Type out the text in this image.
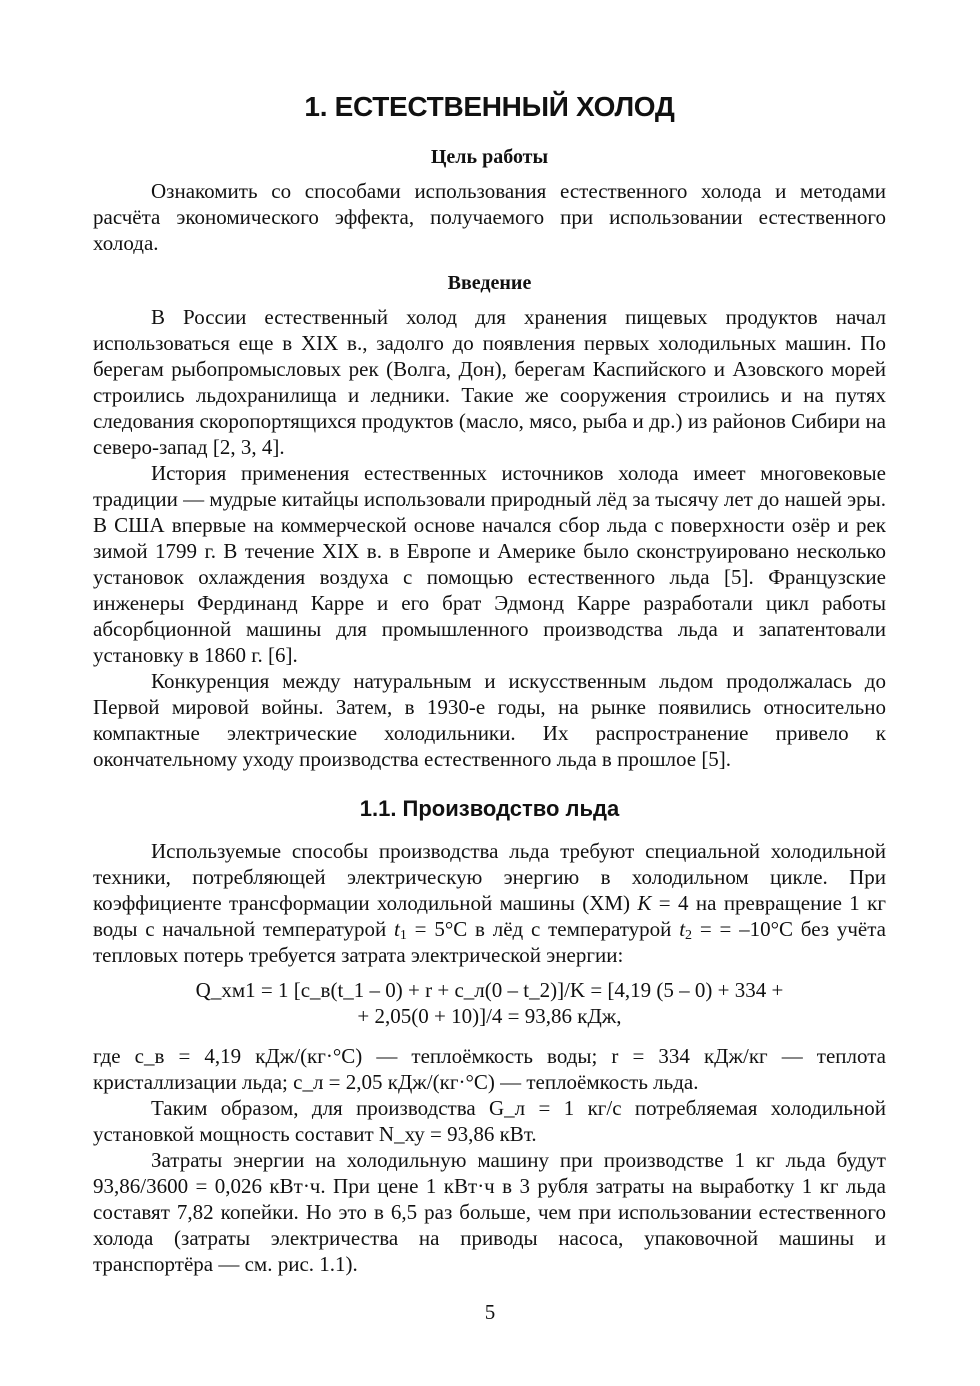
1. ЕСТЕСТВЕННЫЙ ХОЛОД
Цель работы

Ознакомить со способами использования естественного холода и методами расчёта экономического эффекта, получаемого при использовании естественного холода.

Введение

В России естественный холод для хранения пищевых продуктов начал использоваться еще в XIX в., задолго до появления первых холодильных машин. По берегам рыбопромысловых рек (Волга, Дон), берегам Каспийского и Азовского морей строились льдохранилища и ледники. Такие же сооружения строились и на путях следования скоропортящихся продуктов (масло, мясо, рыба и др.) из районов Сибири на северо-запад [2, 3, 4].

История применения естественных источников холода имеет многовековые традиции — мудрые китайцы использовали природный лёд за тысячу лет до нашей эры. В США впервые на коммерческой основе начался сбор льда с поверхности озёр и рек зимой 1799 г. В течение XIX в. в Европе и Америке было сконструировано несколько установок охлаждения воздуха с помощью естественного льда [5]. Французские инженеры Фердинанд Карре и его брат Эдмонд Карре разработали цикл работы абсорбционной машины для промышленного производства льда и запатентовали установку в 1860 г. [6].

Конкуренция между натуральным и искусственным льдом продолжалась до Первой мировой войны. Затем, в 1930-е годы, на рынке появились относительно компактные электрические холодильники. Их распространение привело к окончательному уходу производства естественного льда в прошлое [5].

1.1. Производство льда

Используемые способы производства льда требуют специальной холодильной техники, потребляющей электрическую энергию в холодильном цикле. При коэффициенте трансформации холодильной машины (ХМ) К = 4 на превращение 1 кг воды с начальной температурой $t_1 = 5^\circ С$ в лёд с температурой $t_2$ = = –10°С без учёта тепловых потерь требуется затрата электрической энергии:

Q_хм1 = 1 [c_в(t_1 – 0) + r + c_л(0 – t_2)]/K = [4,19 (5 – 0) + 334 +
+ 2,05(0 + 10)]/4 = 93,86 кДж,

где c_в = 4,19 кДж/(кг·°С) — теплоёмкость воды; r = 334 кДж/кг — теплота кристаллизации льда; c_л = 2,05 кДж/(кг·°С) — теплоёмкость льда.

Таким образом, для производства G_л = 1 кг/с потребляемая холодильной установкой мощность составит N_ху = 93,86 кВт.

Затраты энергии на холодильную машину при производстве 1 кг льда будут 93,86/3600 = 0,026 кВт·ч. При цене 1 кВт·ч в 3 рубля затраты на выработку 1 кг льда составят 7,82 копейки. Но это в 6,5 раз больше, чем при использовании естественного холода (затраты электричества на приводы насоса, упаковочной машины и транспортёра — см. рис. 1.1).

5
